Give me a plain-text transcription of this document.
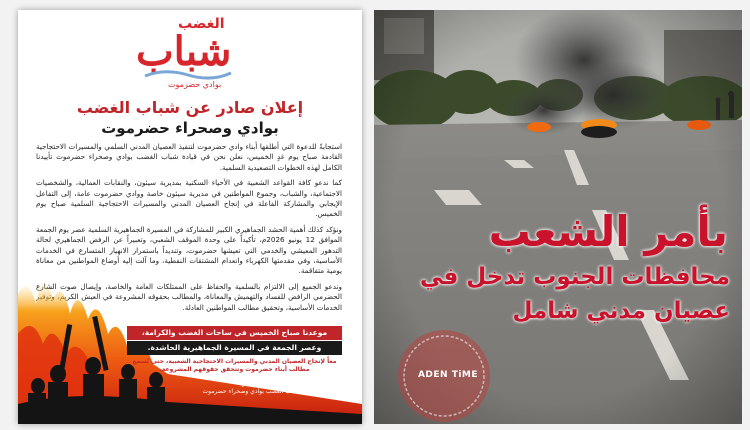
الغضب
شباب
بوادي حضرموت
إعلان صادر عن شباب الغضب
بوادي وصحراء حضرموت

استجابةً للدعوة التي أطلقها أبناء وادي حضرموت لتنفيذ العصيان المدني السلمي والمسيرات الاحتجاجية القادمة صباح يوم غدٍ الخميس، نعلن نحن في قيادة شباب الغضب بوادي وصحراء حضرموت تأييدنا الكامل لهذه الخطوات التصعيدية السلمية.

كما ندعو كافة القواعد الشعبية في الأحياء السكنية بمديرية سيئون، والنقابات العمالية، والشخصيات الاجتماعية، والشباب، وجموع المواطنين في مديرية سيئون خاصة ووادي حضرموت عامة، إلى التفاعل الإيجابي والمشاركة الفاعلة في إنجاح العصيان المدني والمسيرات الاحتجاجية السلمية صباح يوم الخميس.

ونؤكد كذلك أهمية الحشد الجماهيري الكبير للمشاركة في المسيرة الجماهيرية السلمية عصر يوم الجمعة الموافق 12 يونيو 2026م، تأكيداً على وحدة الموقف الشعبي، وتعبيراً عن الرفض الجماهيري لحالة التدهور المعيشي والخدمي التي تعيشها حضرموت، وتنديداً باستمرار الانهيار المتسارع في الخدمات الأساسية، وفي مقدمتها الكهرباء وانعدام المشتقات النفطية، وما آلت إليه أوضاع المواطنين من معاناة يومية متفاقمة.

وندعو الجميع إلى الالتزام بالسلمية والحفاظ على الممتلكات العامة والخاصة، وإيصال صوت الشارع الحضرمي الرافض للفساد والتهميش والمعاناة، والمطالب بحقوقه المشروعة في العيش الكريم، وتوفير الخدمات الأساسية، وتحقيق مطالب المواطنين العادلة.

موعدنا صباح الخميس في ساحات الغضب والكرامة،
وعصر الجمعة في المسيرة الجماهيرية الحاشدة.
معاً لإنجاح العصيان المدني والمسيرات الاحتجاجية الشعبية، حتى تُسمع مطالب أبناء حضرموت وتتحقق حقوقهم المشروعة.
صادر عن:
شباب الغضب بوادي وصحراء حضرموت
بأمر الشعب
محافظات الجنوب تدخل في عصيان مدني شامل
ADEN TiME
